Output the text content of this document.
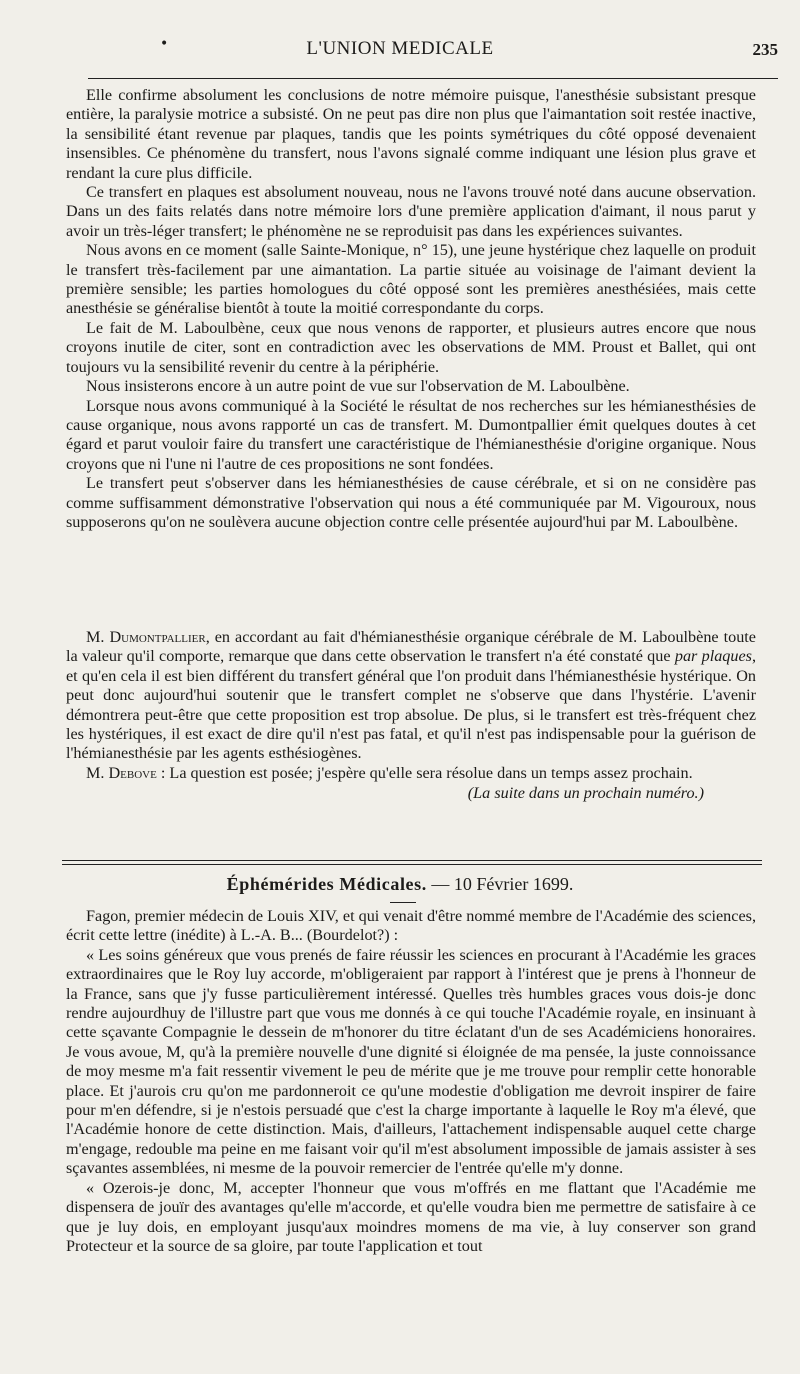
•	L'UNION MEDICALE	235

Elle confirme absolument les conclusions de notre mémoire puisque, l'anesthésie subsistant presque entière, la paralysie motrice a subsisté. On ne peut pas dire non plus que l'aimantation soit restée inactive, la sensibilité étant revenue par plaques, tandis que les points symétriques du côté opposé devenaient insensibles. Ce phénomène du transfert, nous l'avons signalé comme indiquant une lésion plus grave et rendant la cure plus difficile.

Ce transfert en plaques est absolument nouveau, nous ne l'avons trouvé noté dans aucune observation. Dans un des faits relatés dans notre mémoire lors d'une première application d'aimant, il nous parut y avoir un très-léger transfert; le phénomène ne se reproduisit pas dans les expériences suivantes.

Nous avons en ce moment (salle Sainte-Monique, n° 15), une jeune hystérique chez laquelle on produit le transfert très-facilement par une aimantation. La partie située au voisinage de l'aimant devient la première sensible; les parties homologues du côté opposé sont les premières anesthésiées, mais cette anesthésie se généralise bientôt à toute la moitié correspondante du corps.

Le fait de M. Laboulbène, ceux que nous venons de rapporter, et plusieurs autres encore que nous croyons inutile de citer, sont en contradiction avec les observations de MM. Proust et Ballet, qui ont toujours vu la sensibilité revenir du centre à la périphérie.

Nous insisterons encore à un autre point de vue sur l'observation de M. Laboulbène.

Lorsque nous avons communiqué à la Société le résultat de nos recherches sur les hémianesthésies de cause organique, nous avons rapporté un cas de transfert. M. Dumontpallier émit quelques doutes à cet égard et parut vouloir faire du transfert une caractéristique de l'hémianesthésie d'origine organique. Nous croyons que ni l'une ni l'autre de ces propositions ne sont fondées.

Le transfert peut s'observer dans les hémianesthésies de cause cérébrale, et si on ne considère pas comme suffisamment démonstrative l'observation qui nous a été communiquée par M. Vigouroux, nous supposerons qu'on ne soulèvera aucune objection contre celle présentée aujourd'hui par M. Laboulbène.

M. Dumontpallier, en accordant au fait d'hémianesthésie organique cérébrale de M. Laboulbène toute la valeur qu'il comporte, remarque que dans cette observation le transfert n'a été constaté que par plaques, et qu'en cela il est bien différent du transfert général que l'on produit dans l'hémianesthésie hystérique. On peut donc aujourd'hui soutenir que le transfert complet ne s'observe que dans l'hystérie. L'avenir démontrera peut-être que cette proposition est trop absolue. De plus, si le transfert est très-fréquent chez les hystériques, il est exact de dire qu'il n'est pas fatal, et qu'il n'est pas indispensable pour la guérison de l'hémianesthésie par les agents esthésiogènes.

M. Debove : La question est posée; j'espère qu'elle sera résolue dans un temps assez prochain.

(La suite dans un prochain numéro.)
Éphémérides Médicales. — 10 Février 1699.

Fagon, premier médecin de Louis XIV, et qui venait d'être nommé membre de l'Académie des sciences, écrit cette lettre (inédite) à L.-A. B... (Bourdelot?) :

« Les soins généreux que vous prenés de faire réussir les sciences en procurant à l'Académie les graces extraordinaires que le Roy luy accorde, m'obligeraient par rapport à l'intérest que je prens à l'honneur de la France, sans que j'y fusse particulièrement intéressé. Quelles très humbles graces vous dois-je donc rendre aujourdhuy de l'illustre part que vous me donnés à ce qui touche l'Académie royale, en insinuant à cette sçavante Compagnie le dessein de m'honorer du titre éclatant d'un de ses Académiciens honoraires. Je vous avoue, M, qu'à la première nouvelle d'une dignité si éloignée de ma pensée, la juste connoissance de moy mesme m'a fait ressentir vivement le peu de mérite que je me trouve pour remplir cette honorable place. Et j'aurois cru qu'on me pardonneroit ce qu'une modestie d'obligation me devroit inspirer de faire pour m'en défendre, si je n'estois persuadé que c'est la charge importante à laquelle le Roy m'a élevé, que l'Académie honore de cette distinction. Mais, d'ailleurs, l'attachement indispensable auquel cette charge m'engage, redouble ma peine en me faisant voir qu'il m'est absolument impossible de jamais assister à ses sçavantes assemblées, ni mesme de la pouvoir remercier de l'entrée qu'elle m'y donne.

« Ozerois-je donc, M, accepter l'honneur que vous m'offrés en me flattant que l'Académie me dispensera de jouïr des avantages qu'elle m'accorde, et qu'elle voudra bien me permettre de satisfaire à ce que je luy dois, en employant jusqu'aux moindres momens de ma vie, à luy conserver son grand Protecteur et la source de sa gloire, par toute l'application et tout
